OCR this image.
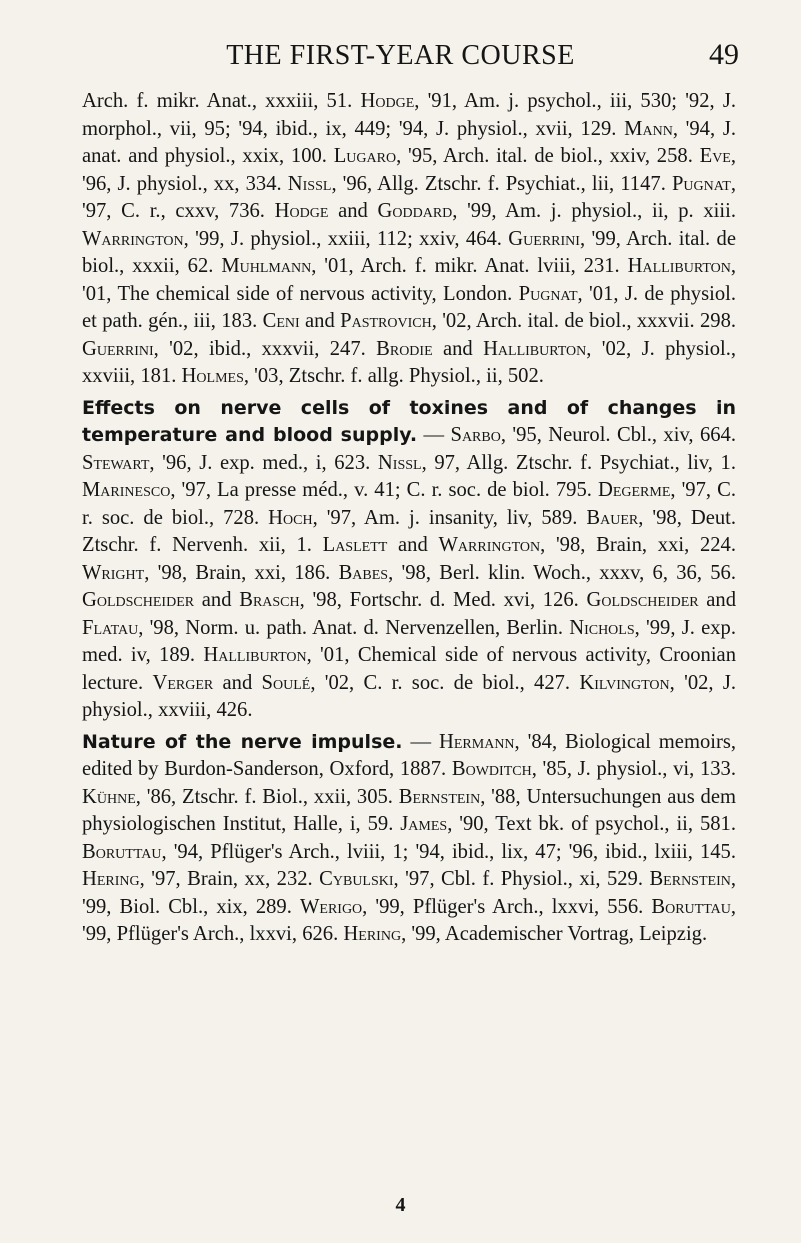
THE FIRST-YEAR COURSE	49

Arch. f. mikr. Anat., xxxiii, 51. Hodge, '91, Am. j. psychol., iii, 530; '92, J. morphol., vii, 95; '94, ibid., ix, 449; '94, J. physiol., xvii, 129. Mann, '94, J. anat. and physiol., xxix, 100. Lugaro, '95, Arch. ital. de biol., xxiv, 258. Eve, '96, J. physiol., xx, 334. Nissl, '96, Allg. Ztschr. f. Psychiat., lii, 1147. Pugnat, '97, C. r., cxxv, 736. Hodge and Goddard, '99, Am. j. physiol., ii, p. xiii. Warrington, '99, J. physiol., xxiii, 112; xxiv, 464. Guerrini, '99, Arch. ital. de biol., xxxii, 62. Muhlmann, '01, Arch. f. mikr. Anat. lviii, 231. Halliburton, '01, The chemical side of nervous activity, London. Pugnat, '01, J. de physiol. et path. gén., iii, 183. Ceni and Pastrovich, '02, Arch. ital. de biol., xxxvii. 298. Guerrini, '02, ibid., xxxvii, 247. Brodie and Halliburton, '02, J. physiol., xxviii, 181. Holmes, '03, Ztschr. f. allg. Physiol., ii, 502.

Effects on nerve cells of toxines and of changes in temperature and blood supply. — Sarbo, '95, Neurol. Cbl., xiv, 664. Stewart, '96, J. exp. med., i, 623. Nissl, 97, Allg. Ztschr. f. Psychiat., liv, 1. Marinesco, '97, La presse méd., v. 41; C. r. soc. de biol. 795. Degerme, '97, C. r. soc. de biol., 728. Hoch, '97, Am. j. insanity, liv, 589. Bauer, '98, Deut. Ztschr. f. Nervenh. xii, 1. Laslett and Warrington, '98, Brain, xxi, 224. Wright, '98, Brain, xxi, 186. Babes, '98, Berl. klin. Woch., xxxv, 6, 36, 56. Goldscheider and Brasch, '98, Fortschr. d. Med. xvi, 126. Goldscheider and Flatau, '98, Norm. u. path. Anat. d. Nervenzellen, Berlin. Nichols, '99, J. exp. med. iv, 189. Halliburton, '01, Chemical side of nervous activity, Croonian lecture. Verger and Soulé, '02, C. r. soc. de biol., 427. Kilvington, '02, J. physiol., xxviii, 426.

Nature of the nerve impulse. — Hermann, '84, Biological memoirs, edited by Burdon-Sanderson, Oxford, 1887. Bowditch, '85, J. physiol., vi, 133. Kühne, '86, Ztschr. f. Biol., xxii, 305. Bernstein, '88, Untersuchungen aus dem physiologischen Institut, Halle, i, 59. James, '90, Text bk. of psychol., ii, 581. Boruttau, '94, Pflüger's Arch., lviii, 1; '94, ibid., lix, 47; '96, ibid., lxiii, 145. Hering, '97, Brain, xx, 232. Cybulski, '97, Cbl. f. Physiol., xi, 529. Bernstein, '99, Biol. Cbl., xix, 289. Werigo, '99, Pflüger's Arch., lxxvi, 556. Boruttau, '99, Pflüger's Arch., lxxvi, 626. Hering, '99, Academischer Vortrag, Leipzig.

4
